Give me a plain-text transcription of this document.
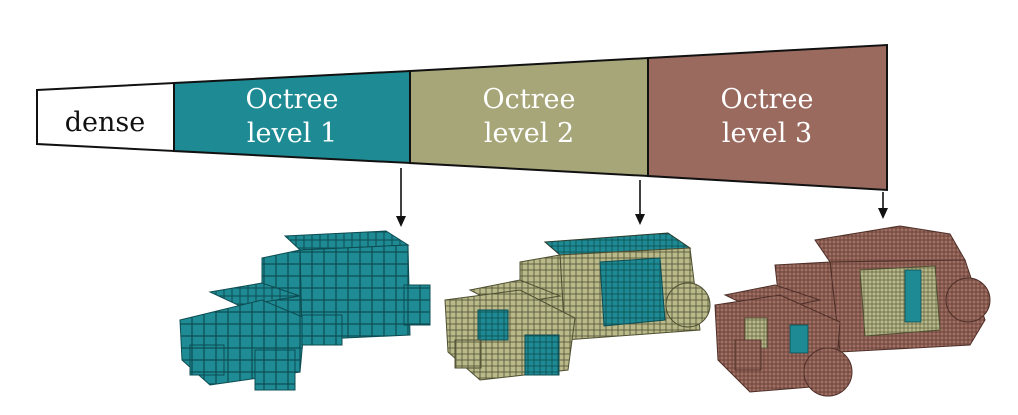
dense
Octree
level 1
Octree
level 2
Octree
level 3
